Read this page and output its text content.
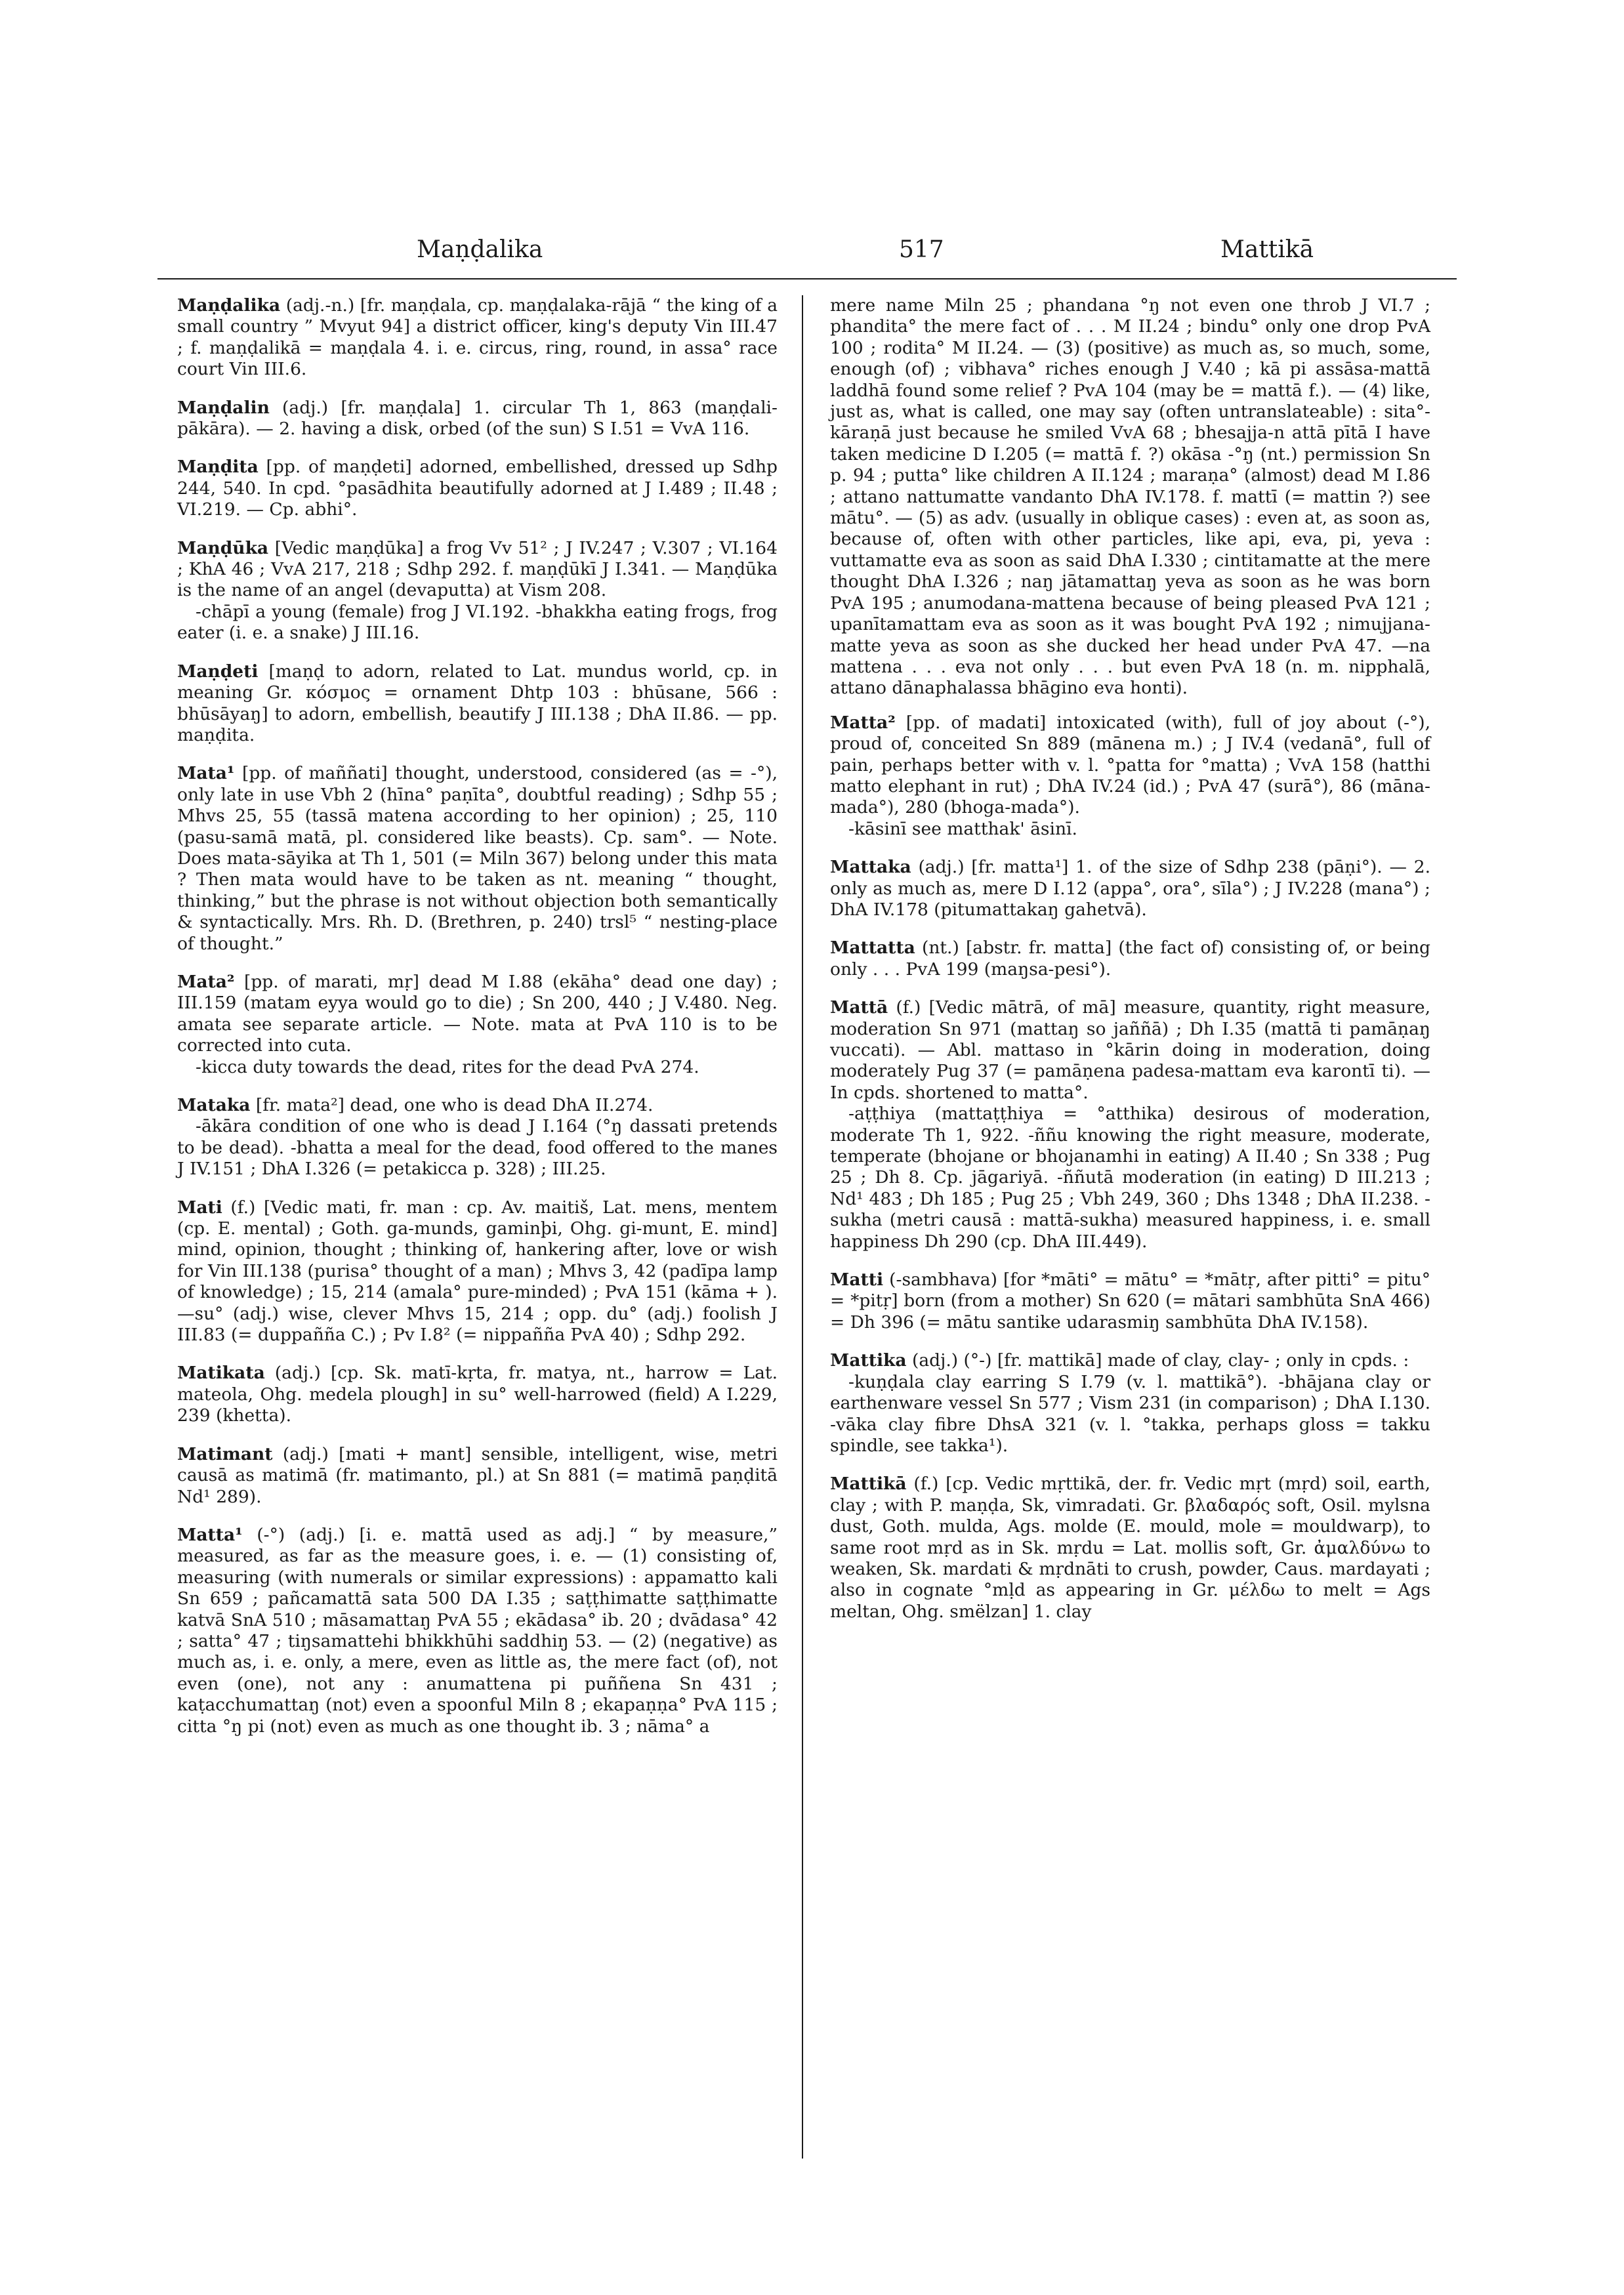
Maṇḍalika	517	Mattikā

Maṇḍalika (adj.-n.) [fr. maṇḍala, cp. maṇḍalaka-rājā “ the king of a small country ” Mvyut 94] a district officer, king's deputy Vin III.47 ; f. maṇḍalikā = maṇḍala 4. i. e. circus, ring, round, in assa° race court Vin III.6.

Maṇḍalin (adj.) [fr. maṇḍala] 1. circular Th 1, 863 (maṇḍali-pākāra). — 2. having a disk, orbed (of the sun) S I.51 = VvA 116.

Maṇḍita [pp. of maṇḍeti] adorned, embellished, dressed up Sdhp 244, 540. In cpd. °pasādhita beautifully adorned at J I.489 ; II.48 ; VI.219. — Cp. abhi°.

Maṇḍūka [Vedic maṇḍūka] a frog Vv 51² ; J IV.247 ; V.307 ; VI.164 ; KhA 46 ; VvA 217, 218 ; Sdhp 292. f. maṇḍūkī J I.341. — Maṇḍūka is the name of an angel (devaputta) at Vism 208.

-chāpī a young (female) frog J VI.192. -bhakkha eating frogs, frog eater (i. e. a snake) J III.16.

Maṇḍeti [maṇḍ to adorn, related to Lat. mundus world, cp. in meaning Gr. κόσμος = ornament Dhtp 103 : bhūsane, 566 : bhūsāyaŋ] to adorn, embellish, beautify J III.138 ; DhA II.86. — pp. maṇḍita.

Mata¹ [pp. of maññati] thought, understood, considered (as = -°), only late in use Vbh 2 (hīna° paṇīta°, doubtful reading) ; Sdhp 55 ; Mhvs 25, 55 (tassā matena according to her opinion) ; 25, 110 (pasu-samā matā, pl. considered like beasts). Cp. sam°. — Note. Does mata-sāyika at Th 1, 501 (= Miln 367) belong under this mata ? Then mata would have to be taken as nt. meaning “ thought, thinking,” but the phrase is not without objection both semantically & syntactically. Mrs. Rh. D. (Brethren, p. 240) trsl⁵ “ nesting-place of thought.”

Mata² [pp. of marati, mṛ] dead M I.88 (ekāha° dead one day) ; III.159 (matam eyya would go to die) ; Sn 200, 440 ; J V.480. Neg. amata see separate article. — Note. mata at PvA 110 is to be corrected into cuta.

-kicca duty towards the dead, rites for the dead PvA 274.

Mataka [fr. mata²] dead, one who is dead DhA II.274.

-ākāra condition of one who is dead J I.164 (°ŋ dassati pretends to be dead). -bhatta a meal for the dead, food offered to the manes J IV.151 ; DhA I.326 (= petakicca p. 328) ; III.25.

Mati (f.) [Vedic mati, fr. man : cp. Av. maitiš, Lat. mens, mentem (cp. E. mental) ; Goth. ga-munds, gaminþi, Ohg. gi-munt, E. mind] mind, opinion, thought ; thinking of, hankering after, love or wish for Vin III.138 (purisa° thought of a man) ; Mhvs 3, 42 (padīpa lamp of knowledge) ; 15, 214 (amala° pure-minded) ; PvA 151 (kāma + ). —su° (adj.) wise, clever Mhvs 15, 214 ; opp. du° (adj.) foolish J III.83 (= duppañña C.) ; Pv I.8² (= nippañña PvA 40) ; Sdhp 292.

Matikata (adj.) [cp. Sk. matī-kṛta, fr. matya, nt., harrow = Lat. mateola, Ohg. medela plough] in su° well-harrowed (field) A I.229, 239 (khetta).

Matimant (adj.) [mati + mant] sensible, intelligent, wise, metri causā as matimā (fr. matimanto, pl.) at Sn 881 (= matimā paṇḍitā Nd¹ 289).

Matta¹ (-°) (adj.) [i. e. mattā used as adj.] “ by measure,” measured, as far as the measure goes, i. e. — (1) consisting of, measuring (with numerals or similar expressions) : appamatto kali Sn 659 ; pañcamattā sata 500 DA I.35 ; saṭṭhimatte saṭṭhimatte katvā SnA 510 ; māsamattaŋ PvA 55 ; ekādasa° ib. 20 ; dvādasa° 42 ; satta° 47 ; tiŋsamattehi bhikkhūhi saddhiŋ 53. — (2) (negative) as much as, i. e. only, a mere, even as little as, the mere fact (of), not even (one), not any : anumattena pi puññena Sn 431 ; kaṭacchumattaŋ (not) even a spoonful Miln 8 ; ekapaṇṇa° PvA 115 ; citta °ŋ pi (not) even as much as one thought ib. 3 ; nāma° a

mere name Miln 25 ; phandana °ŋ not even one throb J VI.7 ; phandita° the mere fact of . . . M II.24 ; bindu° only one drop PvA 100 ; rodita° M II.24. — (3) (positive) as much as, so much, some, enough (of) ; vibhava° riches enough J V.40 ; kā pi assāsa-mattā laddhā found some relief ? PvA 104 (may be = mattā f.). — (4) like, just as, what is called, one may say (often untranslateable) : sita°-kāraṇā just because he smiled VvA 68 ; bhesajja-n attā pītā I have taken medicine D I.205 (= mattā f. ?) okāsa -°ŋ (nt.) permission Sn p. 94 ; putta° like children A II.124 ; maraṇa° (almost) dead M I.86 ; attano nattumatte vandanto DhA IV.178. f. mattī (= mattin ?) see mātu°. — (5) as adv. (usually in oblique cases) : even at, as soon as, because of, often with other particles, like api, eva, pi, yeva : vuttamatte eva as soon as said DhA I.330 ; cintitamatte at the mere thought DhA I.326 ; naŋ jātamattaŋ yeva as soon as he was born PvA 195 ; anumodana-mattena because of being pleased PvA 121 ; upanītamattam eva as soon as it was bought PvA 192 ; nimujjana-matte yeva as soon as she ducked her head under PvA 47. —na mattena . . . eva not only . . . but even PvA 18 (n. m. nipphalā, attano dānaphalassa bhāgino eva honti).

Matta² [pp. of madati] intoxicated (with), full of joy about (-°), proud of, conceited Sn 889 (mānena m.) ; J IV.4 (vedanā°, full of pain, perhaps better with v. l. °patta for °matta) ; VvA 158 (hatthi matto elephant in rut) ; DhA IV.24 (id.) ; PvA 47 (surā°), 86 (māna-mada°), 280 (bhoga-mada°).

-kāsinī see matthak' āsinī.

Mattaka (adj.) [fr. matta¹] 1. of the size of Sdhp 238 (pāṇi°). — 2. only as much as, mere D I.12 (appa°, ora°, sīla°) ; J IV.228 (mana°) ; DhA IV.178 (pitumattakaŋ gahetvā).

Mattatta (nt.) [abstr. fr. matta] (the fact of) consisting of, or being only . . . PvA 199 (maŋsa-pesi°).

Mattā (f.) [Vedic mātrā, of mā] measure, quantity, right measure, moderation Sn 971 (mattaŋ so jaññā) ; Dh I.35 (mattā ti pamāṇaŋ vuccati). — Abl. mattaso in °kārin doing in moderation, doing moderately Pug 37 (= pamāṇena padesa-mattam eva karontī ti). — In cpds. shortened to matta°.

-aṭṭhiya (mattaṭṭhiya = °atthika) desirous of moderation, moderate Th 1, 922. -ññu knowing the right measure, moderate, temperate (bhojane or bhojanamhi in eating) A II.40 ; Sn 338 ; Pug 25 ; Dh 8. Cp. jāgariyā. -ññutā moderation (in eating) D III.213 ; Nd¹ 483 ; Dh 185 ; Pug 25 ; Vbh 249, 360 ; Dhs 1348 ; DhA II.238. -sukha (metri causā : mattā-sukha) measured happiness, i. e. small happiness Dh 290 (cp. DhA III.449).

Matti (-sambhava) [for *māti° = mātu° = *mātṛ, after pitti° = pitu° = *pitṛ] born (from a mother) Sn 620 (= mātari sambhūta SnA 466) = Dh 396 (= mātu santike udarasmiŋ sambhūta DhA IV.158).

Mattika (adj.) (°-) [fr. mattikā] made of clay, clay- ; only in cpds. :

-kuṇḍala clay earring S I.79 (v. l. mattikā°). -bhājana clay or earthenware vessel Sn 577 ; Vism 231 (in comparison) ; DhA I.130. -vāka clay fibre DhsA 321 (v. l. °takka, perhaps gloss = takku spindle, see takka¹).

Mattikā (f.) [cp. Vedic mṛttikā, der. fr. Vedic mṛt (mṛd) soil, earth, clay ; with P. maṇḍa, Sk, vimradati. Gr. βλαδαρός soft, Osil. mylsna dust, Goth. mulda, Ags. molde (E. mould, mole = mouldwarp), to same root mṛd as in Sk. mṛdu = Lat. mollis soft, Gr. ἀμαλδύνω to weaken, Sk. mardati & mṛdnāti to crush, powder, Caus. mardayati ; also in cognate °mḷd as appearing in Gr. μέλδω to melt = Ags meltan, Ohg. smëlzan] 1. clay
